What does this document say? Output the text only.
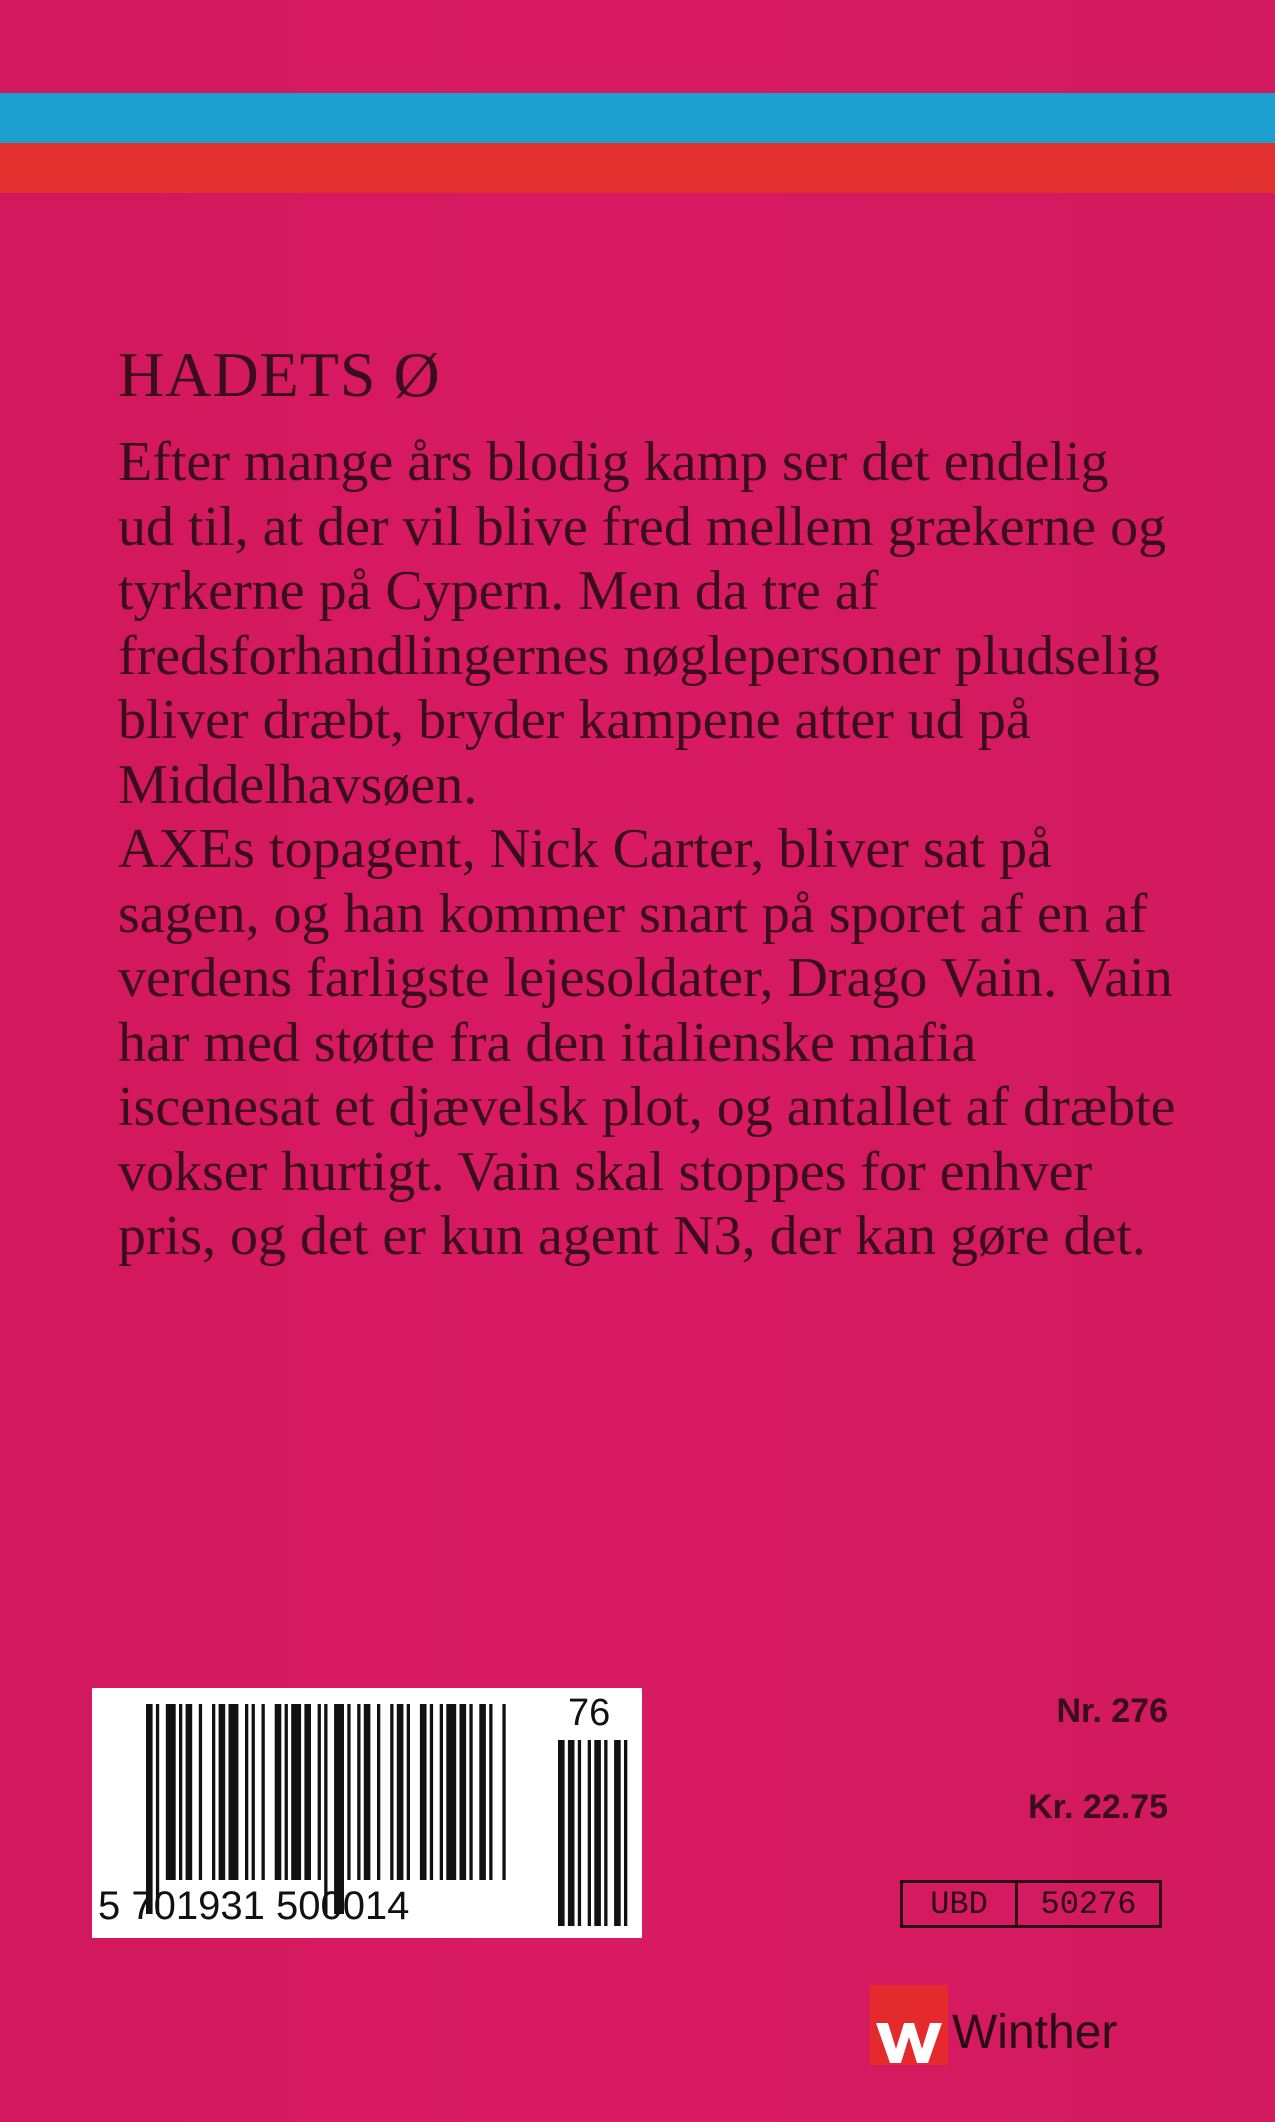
HADETS Ø

Efter mange års blodig kamp ser det endelig ud til, at der vil blive fred mellem grækerne og tyrkerne på Cypern. Men da tre af fredsforhandlingernes nøglepersoner pludselig bliver dræbt, bryder kampene atter ud på Middelhavsøen.

AXEs topagent, Nick Carter, bliver sat på sagen, og han kommer snart på sporet af en af verdens farligste lejesoldater, Drago Vain. Vain har med støtte fra den italienske mafia iscenesat et djævelsk plot, og antallet af dræbte vokser hurtigt. Vain skal stoppes for enhver pris, og det er kun agent N3, der kan gøre det.

5 701931 500014
76	Nr. 276
Kr. 22.75
UBD	50276
Winther
